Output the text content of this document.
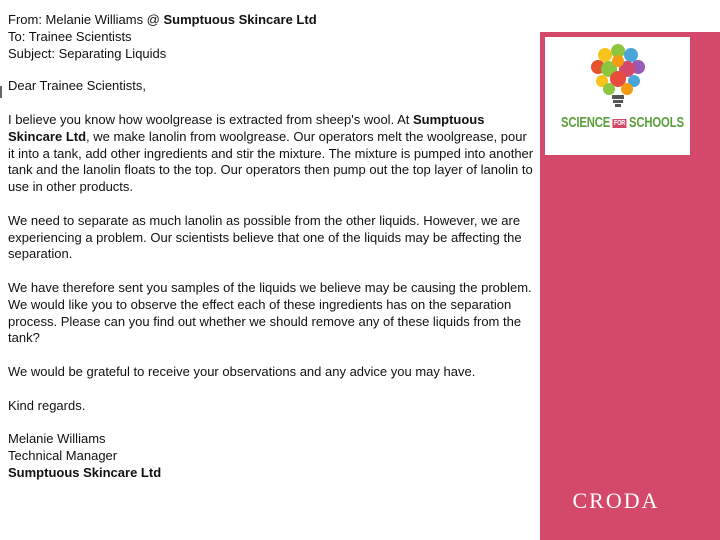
From: Melanie Williams @ Sumptuous Skincare Ltd

To: Trainee Scientists

Subject: Separating Liquids

Dear Trainee Scientists,

I believe you know how woolgrease is extracted from sheep's wool. At Sumptuous Skincare Ltd, we make lanolin from woolgrease. Our operators melt the woolgrease, pour it into a tank, add other ingredients and stir the mixture. The mixture is pumped into another tank and the lanolin floats to the top. Our operators then pump out the top layer of lanolin to use in other products.

We need to separate as much lanolin as possible from the other liquids. However, we are experiencing a problem. Our scientists believe that one of the liquids may be affecting the separation.

We have therefore sent you samples of the liquids we believe may be causing the problem. We would like you to observe the effect each of these ingredients has on the separation process. Please can you find out whether we should remove any of these liquids from the tank?

We would be grateful to receive your observations and any advice you may have.

Kind regards.

Melanie Williams

Technical Manager

Sumptuous Skincare Ltd

SCIENCE FOR SCHOOLS
CRODA
